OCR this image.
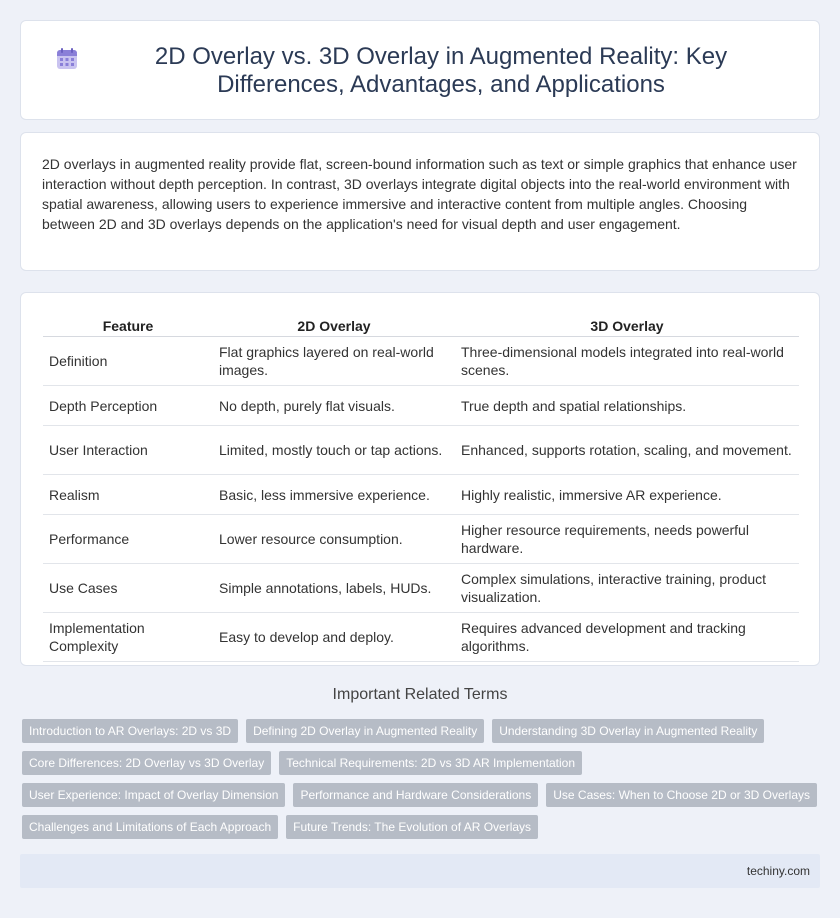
2D Overlay vs. 3D Overlay in Augmented Reality: Key Differences, Advantages, and Applications

2D overlays in augmented reality provide flat, screen-bound information such as text or simple graphics that enhance user interaction without depth perception. In contrast, 3D overlays integrate digital objects into the real-world environment with spatial awareness, allowing users to experience immersive and interactive content from multiple angles. Choosing between 2D and 3D overlays depends on the application's need for visual depth and user engagement.

Feature	2D Overlay	3D Overlay
Definition	Flat graphics layered on real-world images.	Three-dimensional models integrated into real-world scenes.
Depth Perception	No depth, purely flat visuals.	True depth and spatial relationships.
User Interaction	Limited, mostly touch or tap actions.	Enhanced, supports rotation, scaling, and movement.
Realism	Basic, less immersive experience.	Highly realistic, immersive AR experience.
Performance	Lower resource consumption.	Higher resource requirements, needs powerful hardware.
Use Cases	Simple annotations, labels, HUDs.	Complex simulations, interactive training, product visualization.
Implementation Complexity	Easy to develop and deploy.	Requires advanced development and tracking algorithms.
Important Related Terms
Introduction to AR Overlays: 2D vs 3D	Defining 2D Overlay in Augmented Reality	Understanding 3D Overlay in Augmented Reality
Core Differences: 2D Overlay vs 3D Overlay	Technical Requirements: 2D vs 3D AR Implementation
User Experience: Impact of Overlay Dimension	Performance and Hardware Considerations	Use Cases: When to Choose 2D or 3D Overlays
Challenges and Limitations of Each Approach	Future Trends: The Evolution of AR Overlays
techiny.com
